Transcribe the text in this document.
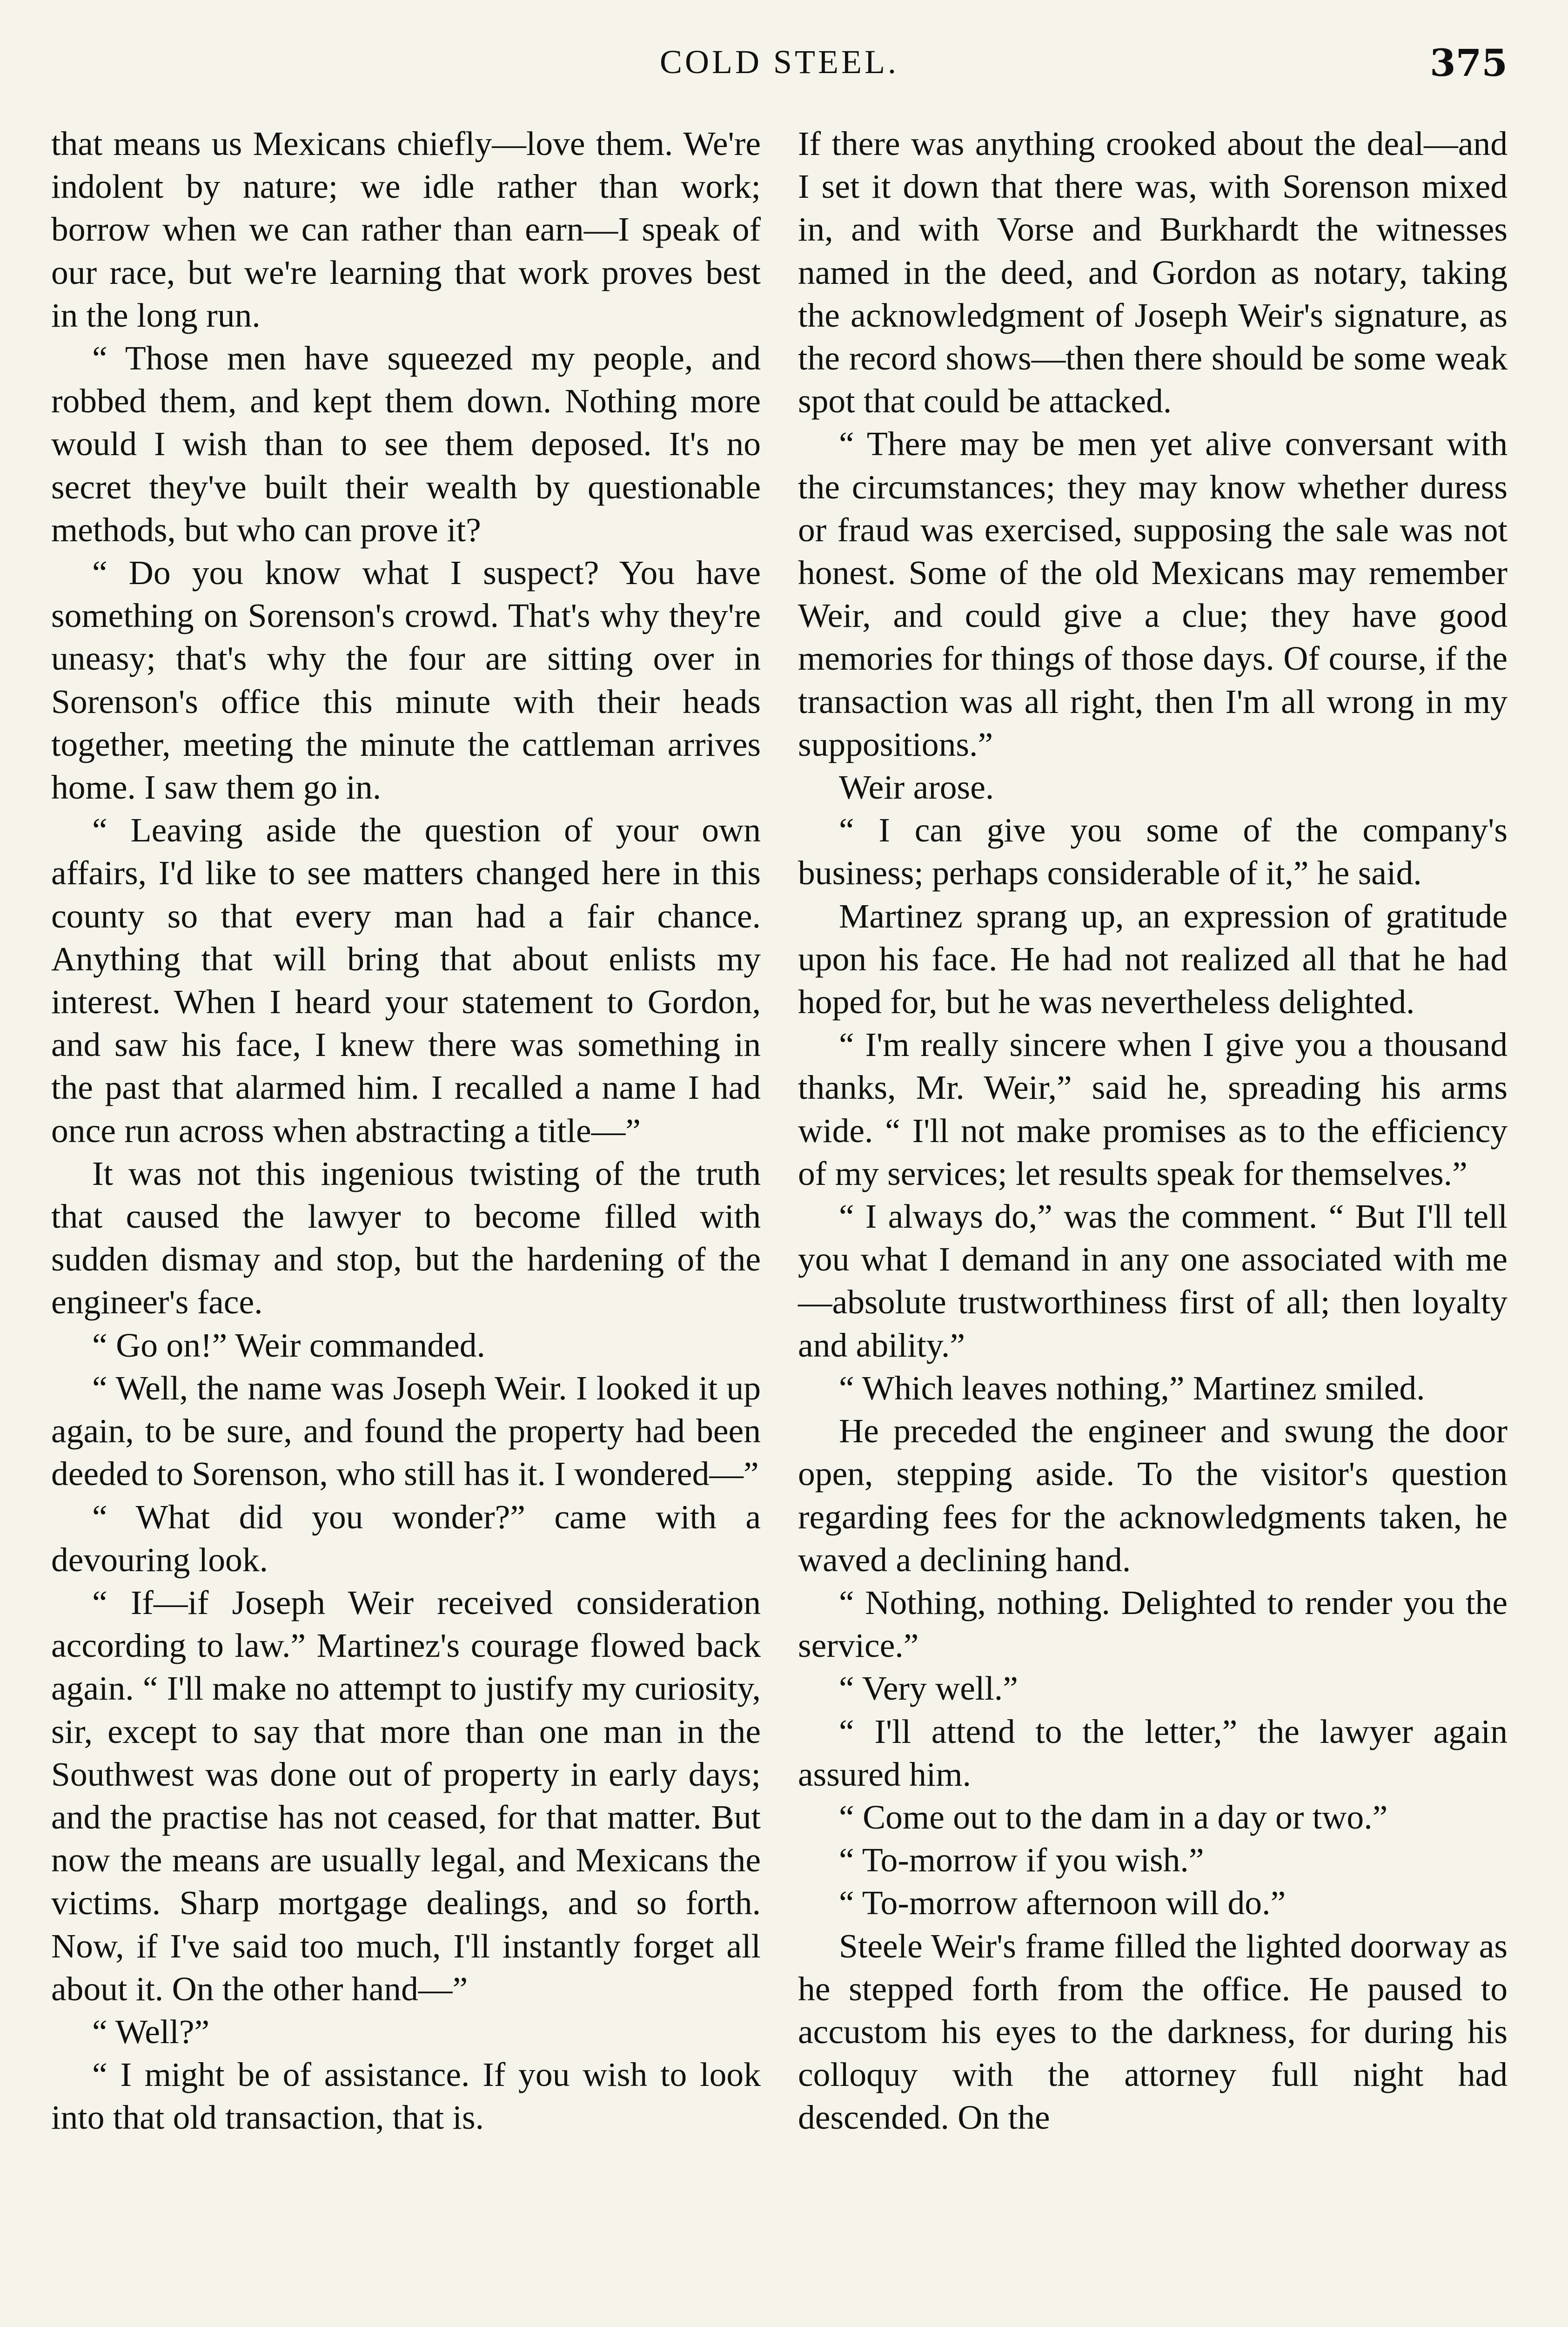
COLD STEEL.	375

that means us Mexicans chiefly—love them. We're indolent by nature; we idle rather than work; borrow when we can rather than earn—I speak of our race, but we're learning that work proves best in the long run.

“ Those men have squeezed my people, and robbed them, and kept them down. Nothing more would I wish than to see them deposed. It's no secret they've built their wealth by questionable methods, but who can prove it?

“ Do you know what I suspect? You have something on Sorenson's crowd. That's why they're uneasy; that's why the four are sitting over in Sorenson's office this minute with their heads together, meeting the minute the cattleman arrives home. I saw them go in.

“ Leaving aside the question of your own affairs, I'd like to see matters changed here in this county so that every man had a fair chance. Anything that will bring that about enlists my interest. When I heard your statement to Gordon, and saw his face, I knew there was something in the past that alarmed him. I recalled a name I had once run across when abstracting a title—”

It was not this ingenious twisting of the truth that caused the lawyer to become filled with sudden dismay and stop, but the hardening of the engineer's face.

“ Go on!” Weir commanded.

“ Well, the name was Joseph Weir. I looked it up again, to be sure, and found the property had been deeded to Sorenson, who still has it. I wondered—”

“ What did you wonder?” came with a devouring look.

“ If—if Joseph Weir received consideration according to law.” Martinez's courage flowed back again. “ I'll make no attempt to justify my curiosity, sir, except to say that more than one man in the Southwest was done out of property in early days; and the practise has not ceased, for that matter. But now the means are usually legal, and Mexicans the victims. Sharp mortgage dealings, and so forth. Now, if I've said too much, I'll instantly forget all about it. On the other hand—”

“ Well?”

“ I might be of assistance. If you wish to look into that old transaction, that is.

If there was anything crooked about the deal—and I set it down that there was, with Sorenson mixed in, and with Vorse and Burkhardt the witnesses named in the deed, and Gordon as notary, taking the acknowledgment of Joseph Weir's signature, as the record shows—then there should be some weak spot that could be attacked.

“ There may be men yet alive conversant with the circumstances; they may know whether duress or fraud was exercised, supposing the sale was not honest. Some of the old Mexicans may remember Weir, and could give a clue; they have good memories for things of those days. Of course, if the transaction was all right, then I'm all wrong in my suppositions.”

Weir arose.

“ I can give you some of the company's business; perhaps considerable of it,” he said.

Martinez sprang up, an expression of gratitude upon his face. He had not realized all that he had hoped for, but he was nevertheless delighted.

“ I'm really sincere when I give you a thousand thanks, Mr. Weir,” said he, spreading his arms wide. “ I'll not make promises as to the efficiency of my services; let results speak for themselves.”

“ I always do,” was the comment. “ But I'll tell you what I demand in any one associated with me—absolute trustworthiness first of all; then loyalty and ability.”

“ Which leaves nothing,” Martinez smiled.

He preceded the engineer and swung the door open, stepping aside. To the visitor's question regarding fees for the acknowledgments taken, he waved a declining hand.

“ Nothing, nothing. Delighted to render you the service.”

“ Very well.”

“ I'll attend to the letter,” the lawyer again assured him.

“ Come out to the dam in a day or two.”

“ To-morrow if you wish.”

“ To-morrow afternoon will do.”

Steele Weir's frame filled the lighted doorway as he stepped forth from the office. He paused to accustom his eyes to the darkness, for during his colloquy with the attorney full night had descended. On the
